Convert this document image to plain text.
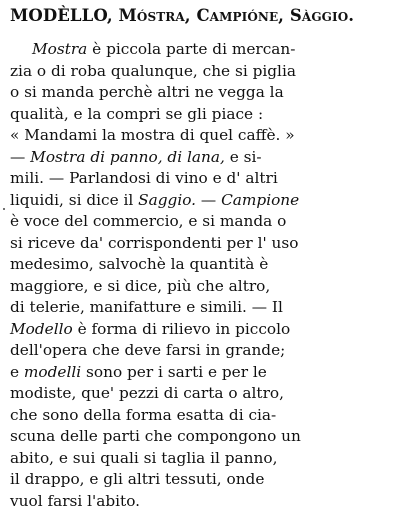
MODÈLLO, Móstra, Campióne, Sàggio.
Mostra è piccola parte di mercan-
zia o di roba qualunque, che si piglia
o si manda perchè altri ne vegga la
qualità, e la compri se gli piace :
« Mandami la mostra di quel caffè. »
— Mostra di panno, di lana, e si-
mili. — Parlandosi di vino e d' altri
liquidi, si dice il Saggio. — Campione
è voce del commercio, e si manda o
si riceve da' corrispondenti per l' uso
medesimo, salvochè la quantità è
maggiore, e si dice, più che altro,
di telerie, manifatture e simili. — Il
Modello è forma di rilievo in piccolo
dell'opera che deve farsi in grande;
e modelli sono per i sarti e per le
modiste, que' pezzi di carta o altro,
che sono della forma esatta di cia-
scuna delle parti che compongono un
abito, e sui quali si taglia il panno,
il drappo, e gli altri tessuti, onde
vuol farsi l'abito.
